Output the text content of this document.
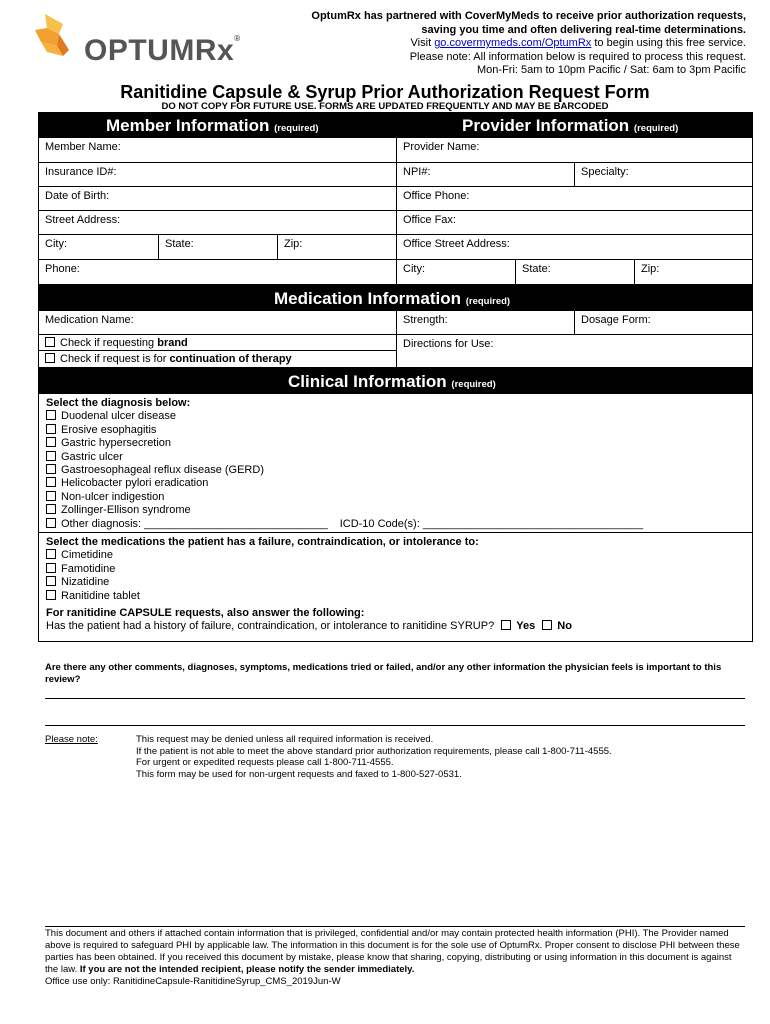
OPTUMRx®
OptumRx has partnered with CoverMyMeds to receive prior authorization requests,
saving you time and often delivering real-time determinations.
Visit go.covermymeds.com/OptumRx to begin using this free service.
Please note: All information below is required to process this request.
Mon-Fri: 5am to 10pm Pacific / Sat: 6am to 3pm Pacific
Ranitidine Capsule & Syrup Prior Authorization Request Form
DO NOT COPY FOR FUTURE USE. FORMS ARE UPDATED FREQUENTLY AND MAY BE BARCODED
Member Information (required)	Provider Information (required)
Member Name:	Provider Name:
Insurance ID#:	NPI#:	Specialty:
Date of Birth:	Office Phone:
Street Address:	Office Fax:
City:	State:	Zip:	Office Street Address:
Phone:	City:	State:	Zip:
Medication Information (required)
Medication Name:	Strength:	Dosage Form:
Check if requesting brand
Check if request is for continuation of therapy
Directions for Use:
Clinical Information (required)
Select the diagnosis below:
Duodenal ulcer disease
Erosive esophagitis
Gastric hypersecretion
Gastric ulcer
Gastroesophageal reflux disease (GERD)
Helicobacter pylori eradication
Non-ulcer indigestion
Zollinger-Ellison syndrome
Other diagnosis: ______________________________ ICD-10 Code(s): ____________________________________
Select the medications the patient has a failure, contraindication, or intolerance to:
Cimetidine
Famotidine
Nizatidine
Ranitidine tablet
For ranitidine CAPSULE requests, also answer the following:
Has the patient had a history of failure, contraindication, or intolerance to ranitidine SYRUP? Yes No
Are there any other comments, diagnoses, symptoms, medications tried or failed, and/or any other information the physician feels is important to this review?
Please note:	This request may be denied unless all required information is received.
If the patient is not able to meet the above standard prior authorization requirements, please call 1-800-711-4555.
For urgent or expedited requests please call 1-800-711-4555.
This form may be used for non-urgent requests and faxed to 1-800-527-0531.
This document and others if attached contain information that is privileged, confidential and/or may contain protected health information (PHI). The Provider named above is required to safeguard PHI by applicable law. The information in this document is for the sole use of OptumRx. Proper consent to disclose PHI between these parties has been obtained. If you received this document by mistake, please know that sharing, copying, distributing or using information in this document is against the law. If you are not the intended recipient, please notify the sender immediately.
Office use only: RanitidineCapsule-RanitidineSyrup_CMS_2019Jun-W
